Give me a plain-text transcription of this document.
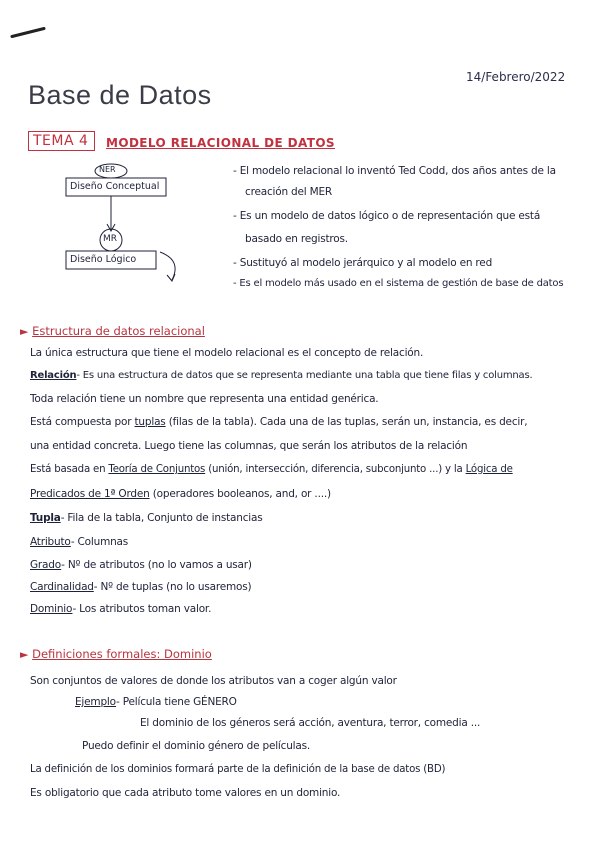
14/Febrero/2022
Base de Datos
TEMA 4	MODELO RELACIONAL DE DATOS
NER
Diseño Conceptual
MR
Diseño Lógico
- El modelo relacional lo inventó Ted Codd, dos años antes de la
creación del MER
- Es un modelo de datos lógico o de representación que está
basado en registros.
- Sustituyó al modelo jerárquico y al modelo en red
- Es el modelo más usado en el sistema de gestión de base de datos
► Estructura de datos relacional
La única estructura que tiene el modelo relacional es el concepto de relación.
Relación- Es una estructura de datos que se representa mediante una tabla que tiene filas y columnas.
Toda relación tiene un nombre que representa una entidad genérica.
Está compuesta por tuplas (filas de la tabla). Cada una de las tuplas, serán un, instancia, es decir,
una entidad concreta. Luego tiene las columnas, que serán los atributos de la relación
Está basada en Teoría de Conjuntos (unión, intersección, diferencia, subconjunto ...) y la Lógica de
Predicados de 1ª Orden (operadores booleanos, and, or ....)
Tupla- Fila de la tabla, Conjunto de instancias
Atributo- Columnas
Grado- Nº de atributos (no lo vamos a usar)
Cardinalidad- Nº de tuplas (no lo usaremos)
Dominio- Los atributos toman valor.
► Definiciones formales: Dominio
Son conjuntos de valores de donde los atributos van a coger algún valor
Ejemplo- Película tiene GÉNERO
El dominio de los géneros será acción, aventura, terror, comedia ...
Puedo definir el dominio género de películas.
La definición de los dominios formará parte de la definición de la base de datos (BD)
Es obligatorio que cada atributo tome valores en un dominio.
